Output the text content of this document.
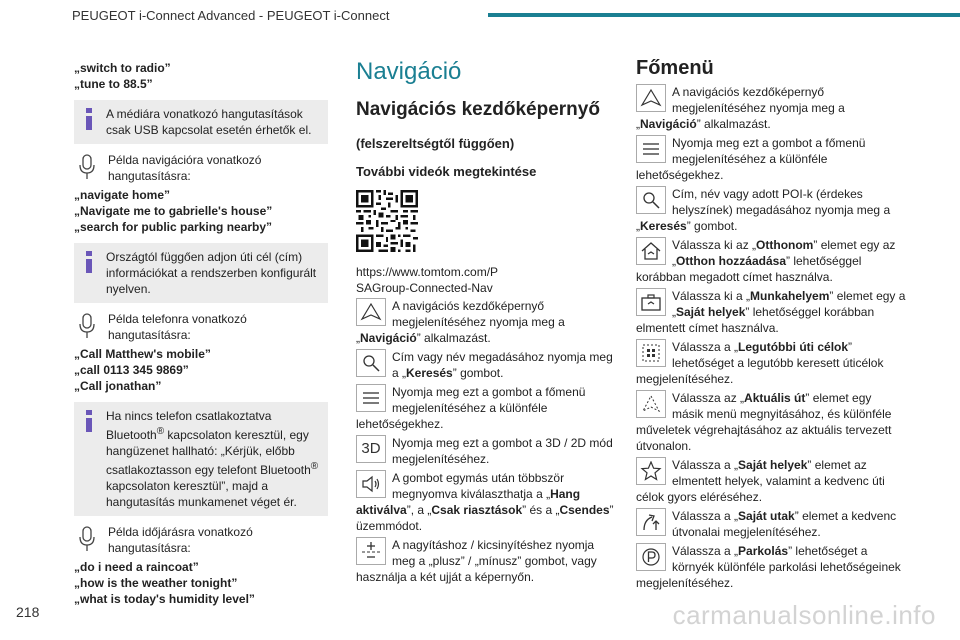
PEUGEOT i-Connect Advanced - PEUGEOT i-Connect
„switch to radio”
„tune to 88.5”
A médiára vonatkozó hangutasítások csak USB kapcsolat esetén érhetők el.
Példa navigációra vonatkozó hangutasításra:
„navigate home”
„Navigate me to gabrielle's house”
„search for public parking nearby”
Országtól függően adjon úti cél (cím) információkat a rendszerben konfigurált nyelven.
Példa telefonra vonatkozó hangutasításra:
„Call Matthew's mobile”
„call 0113 345 9869”
„Call jonathan”
Ha nincs telefon csatlakoztatva Bluetooth® kapcsolaton keresztül, egy hangüzenet hallható: „Kérjük, előbb csatlakoztasson egy telefont Bluetooth® kapcsolaton keresztül”, majd a hangutasítás munkamenet véget ér.
Példa időjárásra vonatkozó hangutasításra:
„do i need a raincoat”
„how is the weather tonight”
„what is today's humidity level”
Navigáció
Navigációs kezdőképernyő
(felszereltségtől függően)
További videók megtekintése
https://www.tomtom.com/PSAGroup-Connected-Nav
A navigációs kezdőképernyő megjelenítéséhez nyomja meg a „Navigáció” alkalmazást.
Cím vagy név megadásához nyomja meg a „Keresés” gombot.
Nyomja meg ezt a gombot a főmenü megjelenítéséhez a különféle lehetőségekhez.
3D Nyomja meg ezt a gombot a 3D / 2D mód megjelenítéséhez.
A gombot egymás után többször megnyomva kiválaszthatja a „Hang aktiválva”, a „Csak riasztások” és a „Csendes” üzemmódot.
A nagyításhoz / kicsinyítéshez nyomja meg a „plusz” / „mínusz” gombot, vagy használja a két ujját a képernyőn.
Főmenü
A navigációs kezdőképernyő megjelenítéséhez nyomja meg a „Navigáció” alkalmazást.
Nyomja meg ezt a gombot a főmenü megjelenítéséhez a különféle lehetőségekhez.
Cím, név vagy adott POI-k (érdekes helyszínek) megadásához nyomja meg a „Keresés” gombot.
Válassza ki az „Otthonom” elemet egy az „Otthon hozzáadása” lehetőséggel korábban megadott címet használva.
Válassza ki a „Munkahelyem” elemet egy a „Saját helyek” lehetőséggel korábban elmentett címet használva.
Válassza a „Legutóbbi úti célok” lehetőséget a legutóbb keresett úticélok megjelenítéséhez.
Válassza az „Aktuális út” elemet egy másik menü megnyitásához, és különféle műveletek végrehajtásához az aktuális tervezett útvonalon.
Válassza a „Saját helyek” elemet az elmentett helyek, valamint a kedvenc úti célok gyors eléréséhez.
Válassza a „Saját utak” elemet a kedvenc útvonalai megjelenítéséhez.
Válassza a „Parkolás” lehetőséget a környék különféle parkolási lehetőségeinek megjelenítéséhez.
218	carmanualsonline.info
